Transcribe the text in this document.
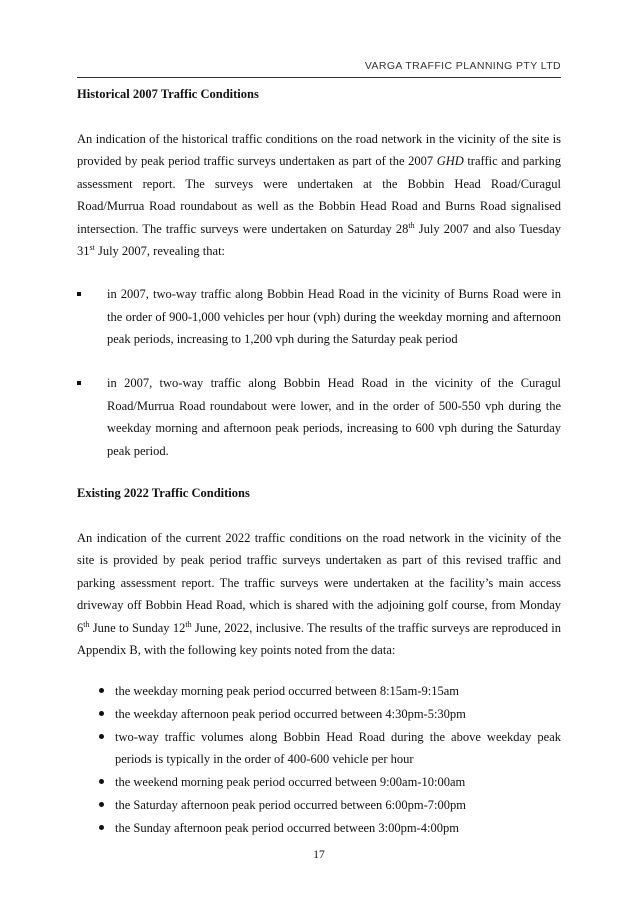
VARGA TRAFFIC PLANNING PTY LTD
Historical 2007 Traffic Conditions

An indication of the historical traffic conditions on the road network in the vicinity of the site is provided by peak period traffic surveys undertaken as part of the 2007 GHD traffic and parking assessment report. The surveys were undertaken at the Bobbin Head Road/Curagul Road/Murrua Road roundabout as well as the Bobbin Head Road and Burns Road signalised intersection. The traffic surveys were undertaken on Saturday 28th July 2007 and also Tuesday 31st July 2007, revealing that:

in 2007, two-way traffic along Bobbin Head Road in the vicinity of Burns Road were in the order of 900-1,000 vehicles per hour (vph) during the weekday morning and afternoon peak periods, increasing to 1,200 vph during the Saturday peak period
in 2007, two-way traffic along Bobbin Head Road in the vicinity of the Curagul Road/Murrua Road roundabout were lower, and in the order of 500-550 vph during the weekday morning and afternoon peak periods, increasing to 600 vph during the Saturday peak period.
Existing 2022 Traffic Conditions

An indication of the current 2022 traffic conditions on the road network in the vicinity of the site is provided by peak period traffic surveys undertaken as part of this revised traffic and parking assessment report. The traffic surveys were undertaken at the facility’s main access driveway off Bobbin Head Road, which is shared with the adjoining golf course, from Monday 6th June to Sunday 12th June, 2022, inclusive. The results of the traffic surveys are reproduced in Appendix B, with the following key points noted from the data:

the weekday morning peak period occurred between 8:15am-9:15am
the weekday afternoon peak period occurred between 4:30pm-5:30pm
two-way traffic volumes along Bobbin Head Road during the above weekday peak periods is typically in the order of 400-600 vehicle per hour
the weekend morning peak period occurred between 9:00am-10:00am
the Saturday afternoon peak period occurred between 6:00pm-7:00pm
the Sunday afternoon peak period occurred between 3:00pm-4:00pm
17
